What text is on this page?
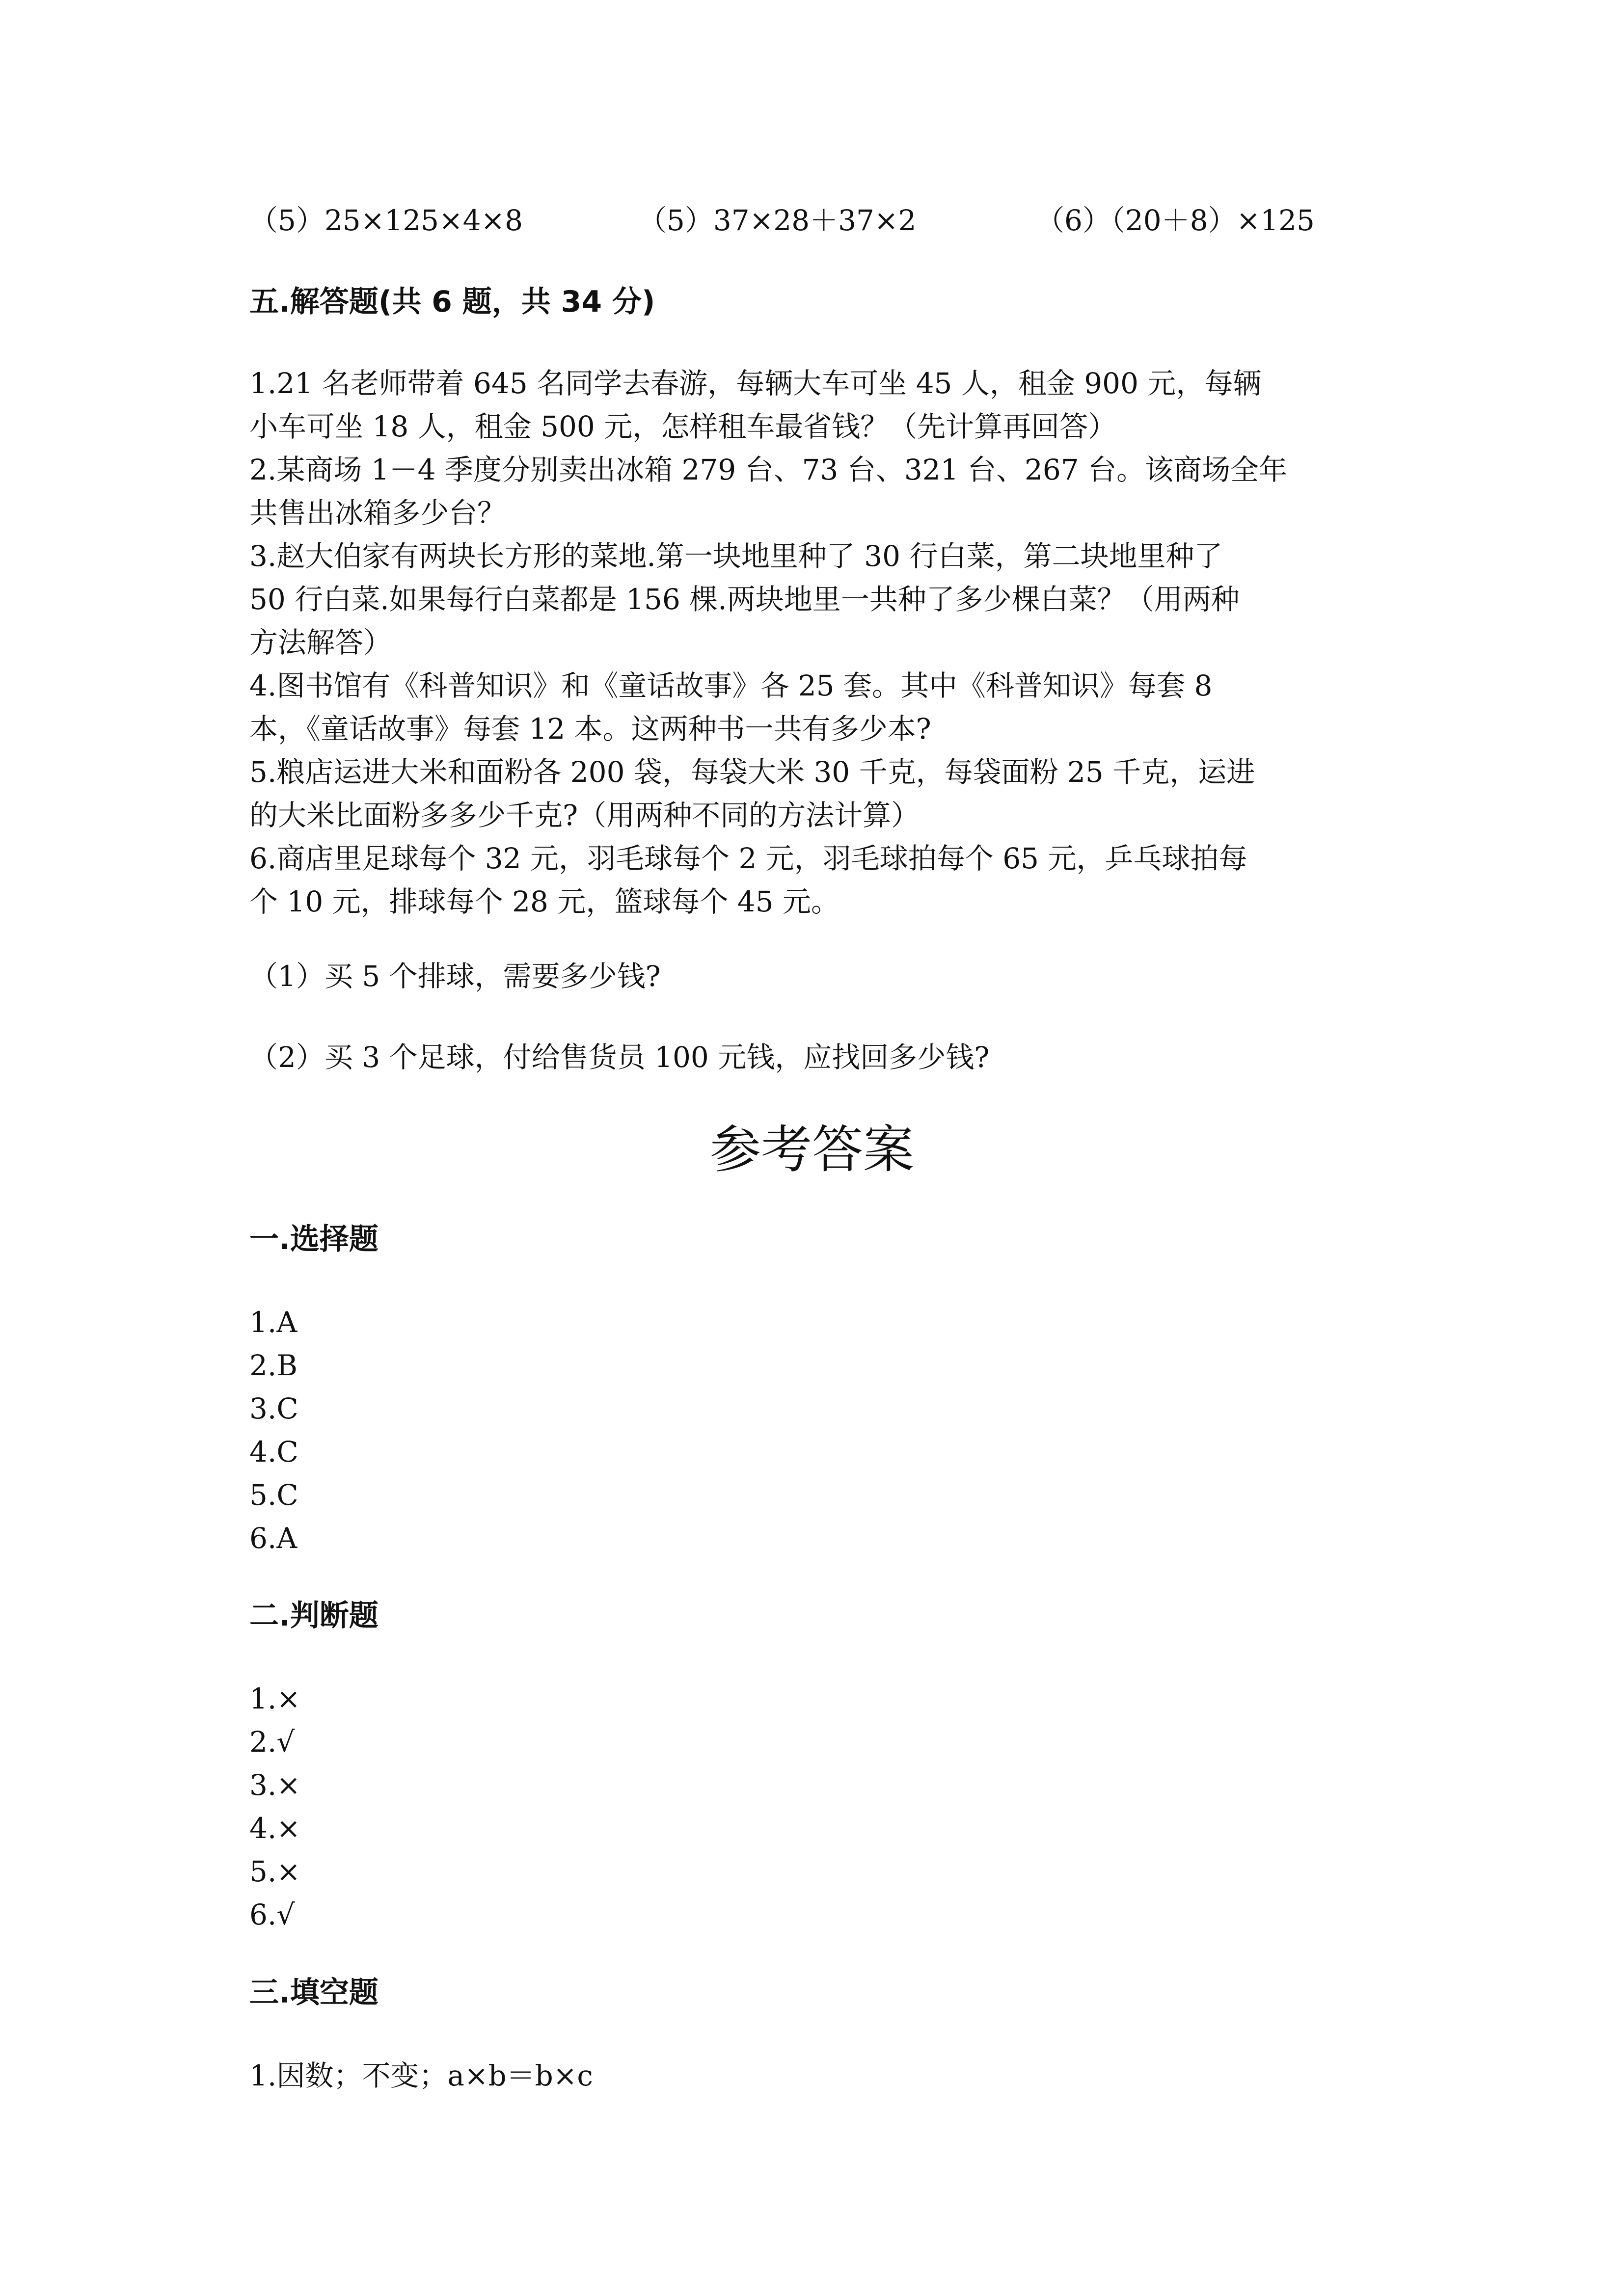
（5）25×125×4×8	（5）37×28＋37×2	（6）（20＋8）×125
五.解答题(共 6 题，共 34 分)
1.21 名老师带着 645 名同学去春游，每辆大车可坐 45 人，租金 900 元，每辆
小车可坐 18 人，租金 500 元，怎样租车最省钱？（先计算再回答）
2.某商场 1－4 季度分别卖出冰箱 279 台、73 台、321 台、267 台。该商场全年
共售出冰箱多少台？
3.赵大伯家有两块长方形的菜地.第一块地里种了 30 行白菜，第二块地里种了
50 行白菜.如果每行白菜都是 156 棵.两块地里一共种了多少棵白菜？（用两种
方法解答）
4.图书馆有《科普知识》和《童话故事》各 25 套。其中《科普知识》每套 8
本，《童话故事》每套 12 本。这两种书一共有多少本?
5.粮店运进大米和面粉各 200 袋，每袋大米 30 千克，每袋面粉 25 千克，运进
的大米比面粉多多少千克?（用两种不同的方法计算）
6.商店里足球每个 32 元，羽毛球每个 2 元，羽毛球拍每个 65 元，乒乓球拍每
个 10 元，排球每个 28 元，篮球每个 45 元。
（1）买 5 个排球，需要多少钱?
（2）买 3 个足球，付给售货员 100 元钱，应找回多少钱?
参考答案
一.选择题
1.A
2.B
3.C
4.C
5.C
6.A
二.判断题
1.×
2.√
3.×
4.×
5.×
6.√
三.填空题
1.因数；不变；a×b＝b×c
